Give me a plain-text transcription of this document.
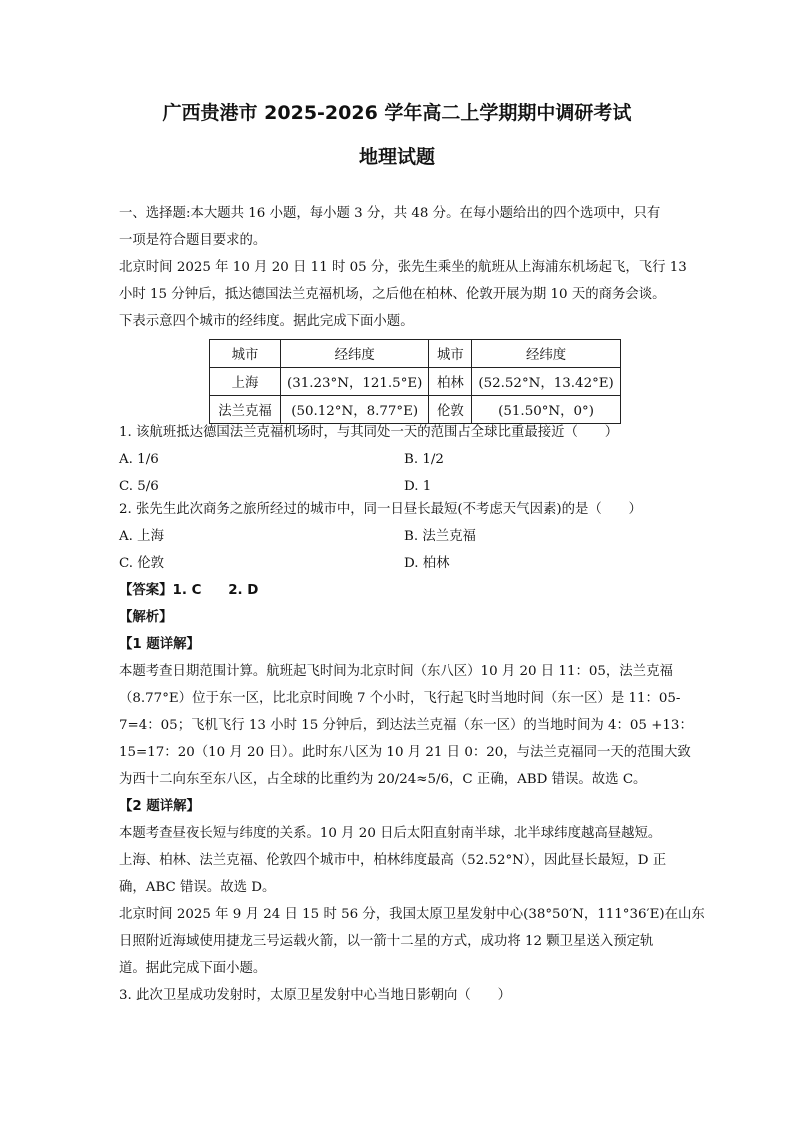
广西贵港市 2025-2026 学年高二上学期期中调研考试
地理试题
一、选择题:本大题共 16 小题，每小题 3 分，共 48 分。在每小题给出的四个选项中，只有
一项是符合题目要求的。
北京时间 2025 年 10 月 20 日 11 时 05 分，张先生乘坐的航班从上海浦东机场起飞，飞行 13
小时 15 分钟后，抵达德国法兰克福机场，之后他在柏林、伦敦开展为期 10 天的商务会谈。
城市	经纬度	城市	经纬度
上海	(31.23°N，121.5°E)	柏林	(52.52°N，13.42°E)
法兰克福	(50.12°N，8.77°E)	伦敦	(51.50°N，0°)
1. 该航班抵达德国法兰克福机场时，与其同处一天的范围占全球比重最接近（　　）
A. 1/6	B. 1/2
C. 5/6	D. 1
2. 张先生此次商务之旅所经过的城市中，同一日昼长最短(不考虑天气因素)的是（　　）
A. 上海	B. 法兰克福
C. 伦敦	D. 柏林
【答案】1. C　　2. D
【解析】
【1 题详解】
本题考查日期范围计算。航班起飞时间为北京时间（东八区）10 月 20 日 11：05，法兰克福
（8.77°E）位于东一区，比北京时间晚 7 个小时，飞行起飞时当地时间（东一区）是 11：05-
7=4：05；飞机飞行 13 小时 15 分钟后，到达法兰克福（东一区）的当地时间为 4：05 +13：
15=17：20（10 月 20 日）。此时东八区为 10 月 21 日 0：20，与法兰克福同一天的范围大致
为西十二向东至东八区，占全球的比重约为 20/24≈5/6，C 正确，ABD 错误。故选 C。
【2 题详解】
本题考查昼夜长短与纬度的关系。10 月 20 日后太阳直射南半球，北半球纬度越高昼越短。
上海、柏林、法兰克福、伦敦四个城市中，柏林纬度最高（52.52°N），因此昼长最短，D 正
确，ABC 错误。故选 D。
北京时间 2025 年 9 月 24 日 15 时 56 分，我国太原卫星发射中心(38°50′N，111°36′E)在山东
日照附近海域使用捷龙三号运载火箭，以一箭十二星的方式，成功将 12 颗卫星送入预定轨
道。据此完成下面小题。
3. 此次卫星成功发射时，太原卫星发射中心当地日影朝向（　　）
下表示意四个城市的经纬度。据此完成下面小题。
